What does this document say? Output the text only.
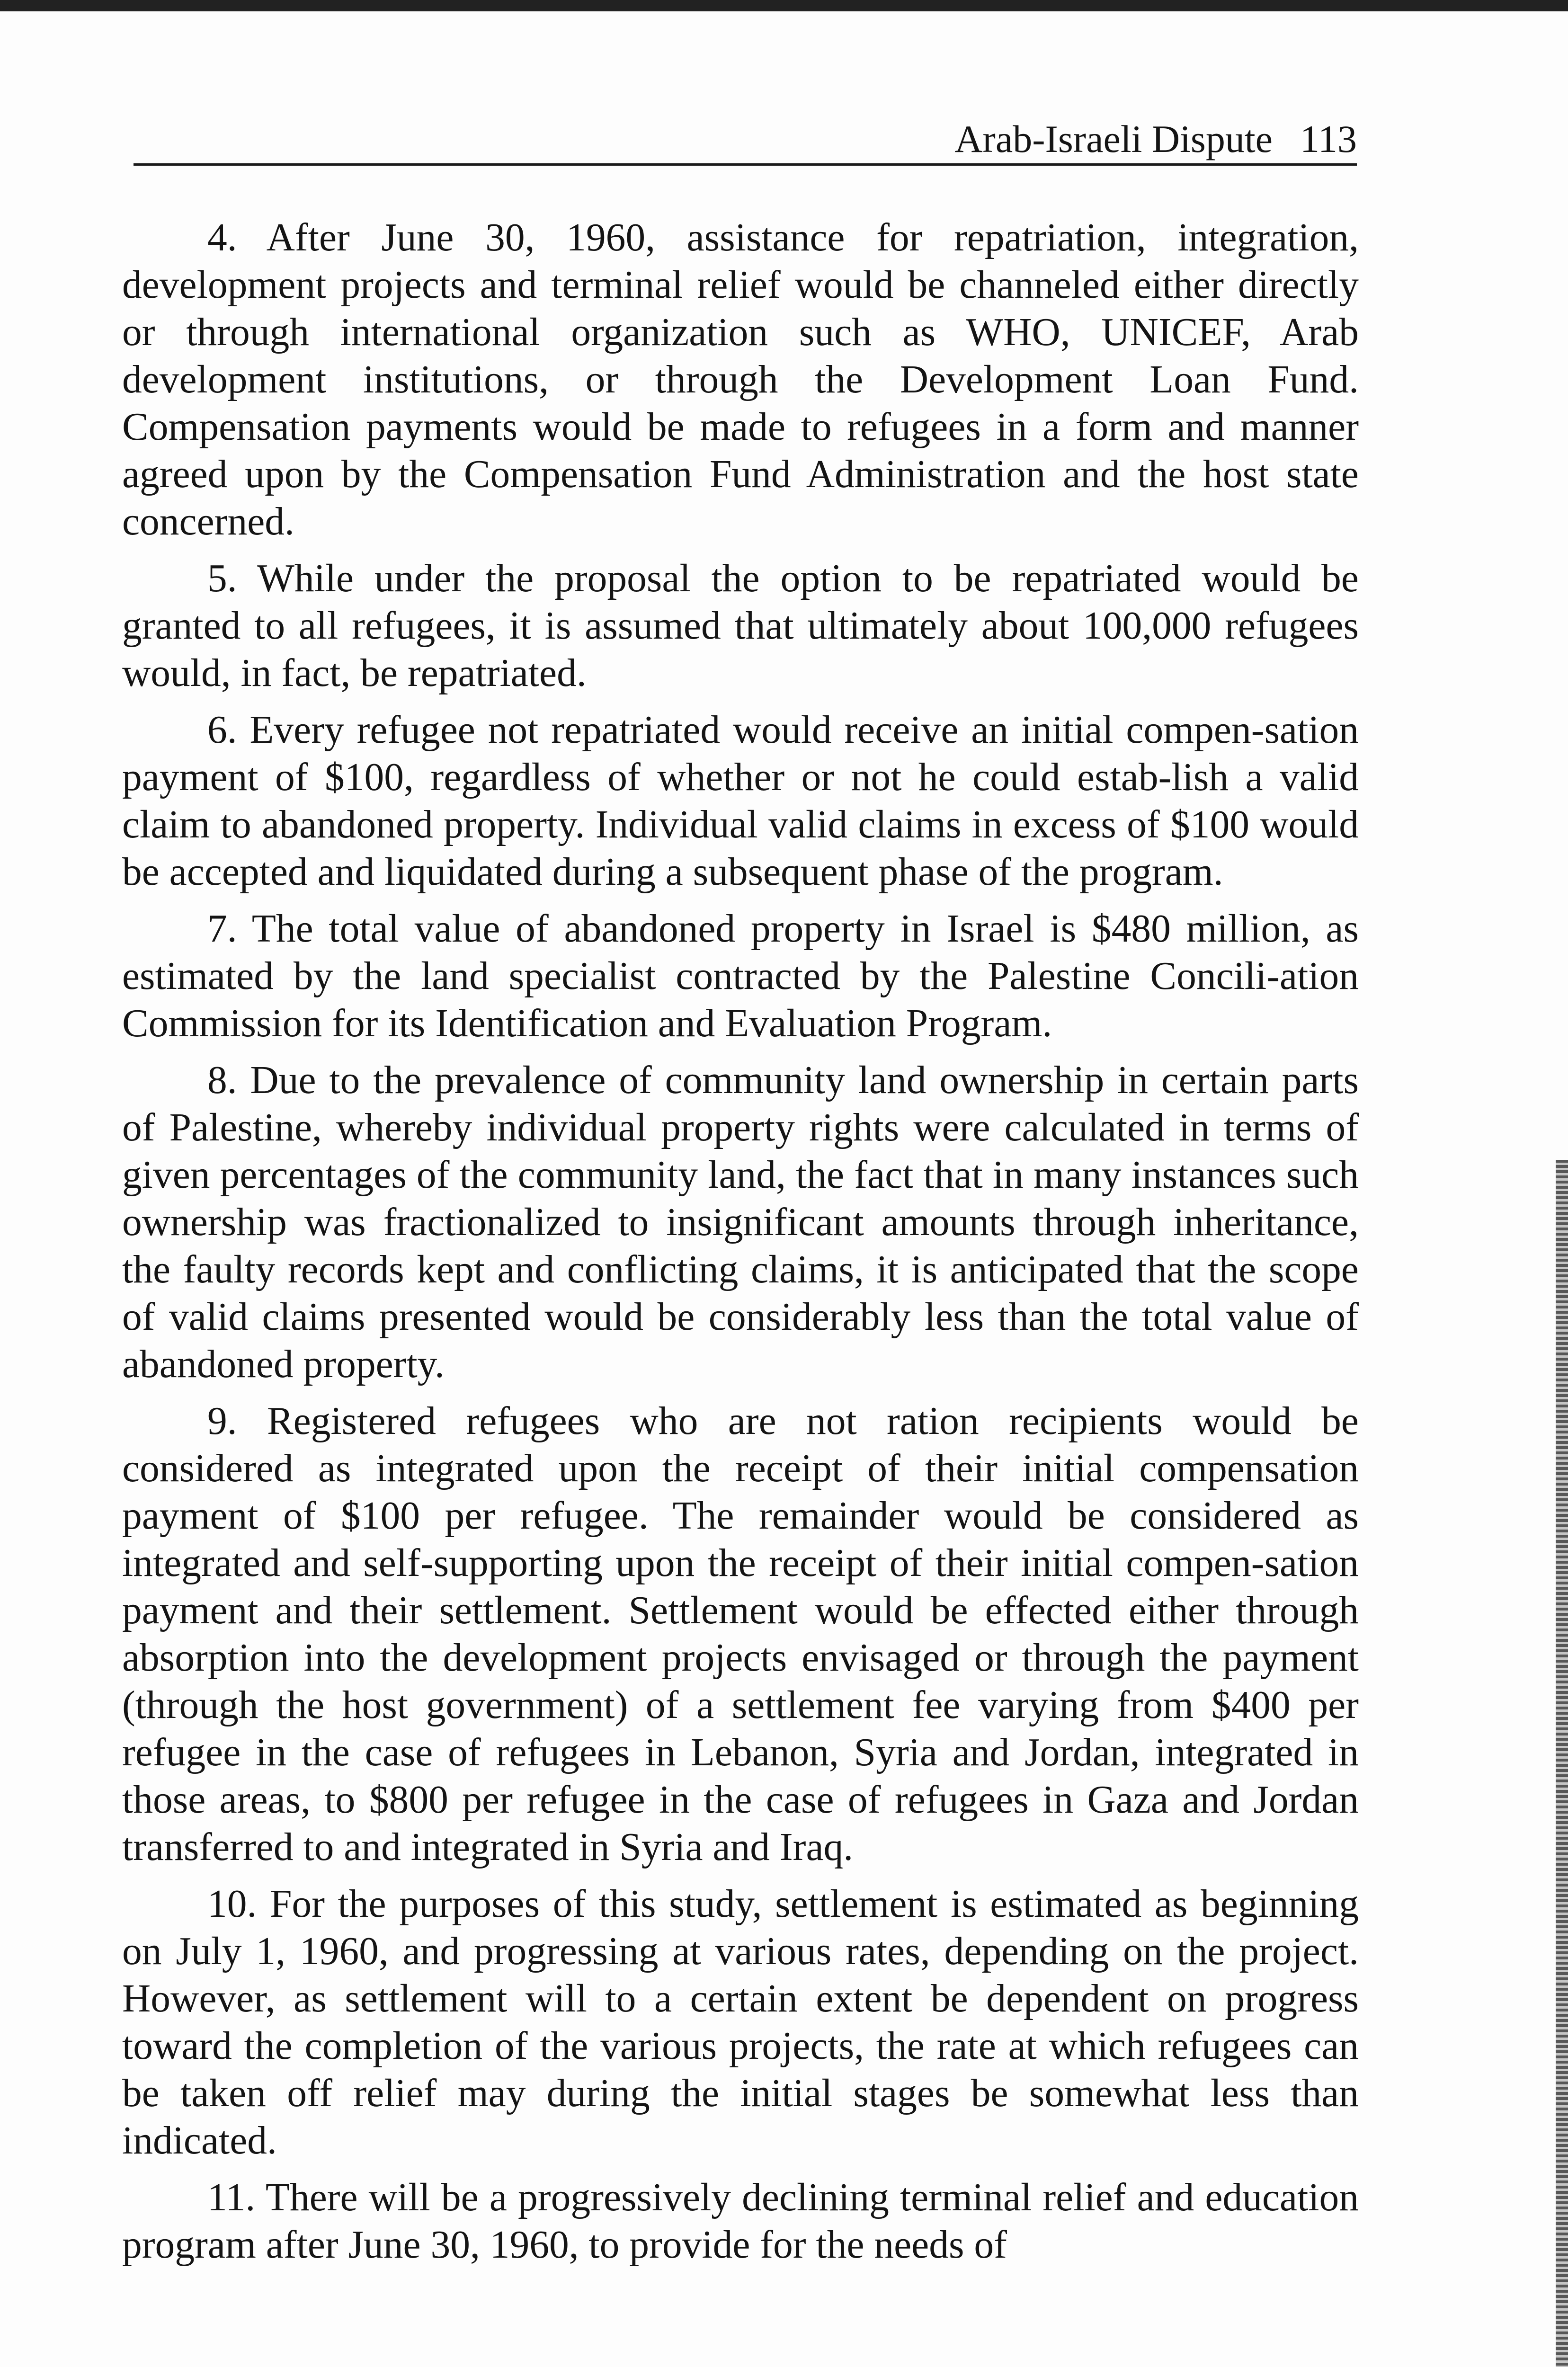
Arab-Israeli Dispute 113

4. After June 30, 1960, assistance for repatriation, integration, development projects and terminal relief would be channeled either directly or through international organization such as WHO, UNICEF, Arab development institutions, or through the Development Loan Fund. Compensation payments would be made to refugees in a form and manner agreed upon by the Compensation Fund Administration and the host state concerned.

5. While under the proposal the option to be repatriated would be granted to all refugees, it is assumed that ultimately about 100,000 refugees would, in fact, be repatriated.

6. Every refugee not repatriated would receive an initial compen-sation payment of $100, regardless of whether or not he could estab-lish a valid claim to abandoned property. Individual valid claims in excess of $100 would be accepted and liquidated during a subsequent phase of the program.

7. The total value of abandoned property in Israel is $480 million, as estimated by the land specialist contracted by the Palestine Concili-ation Commission for its Identification and Evaluation Program.

8. Due to the prevalence of community land ownership in certain parts of Palestine, whereby individual property rights were calculated in terms of given percentages of the community land, the fact that in many instances such ownership was fractionalized to insignificant amounts through inheritance, the faulty records kept and conflicting claims, it is anticipated that the scope of valid claims presented would be considerably less than the total value of abandoned property.

9. Registered refugees who are not ration recipients would be considered as integrated upon the receipt of their initial compensation payment of $100 per refugee. The remainder would be considered as integrated and self-supporting upon the receipt of their initial compen-sation payment and their settlement. Settlement would be effected either through absorption into the development projects envisaged or through the payment (through the host government) of a settlement fee varying from $400 per refugee in the case of refugees in Lebanon, Syria and Jordan, integrated in those areas, to $800 per refugee in the case of refugees in Gaza and Jordan transferred to and integrated in Syria and Iraq.

10. For the purposes of this study, settlement is estimated as beginning on July 1, 1960, and progressing at various rates, depending on the project. However, as settlement will to a certain extent be dependent on progress toward the completion of the various projects, the rate at which refugees can be taken off relief may during the initial stages be somewhat less than indicated.

11. There will be a progressively declining terminal relief and education program after June 30, 1960, to provide for the needs of
